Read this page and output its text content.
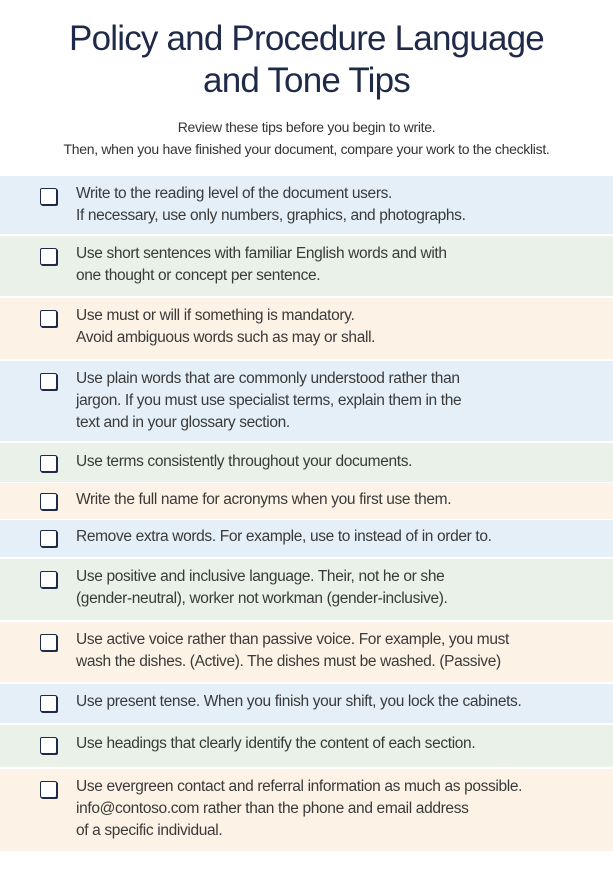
Policy and Procedure Language
and Tone Tips
Review these tips before you begin to write.
Then, when you have finished your document, compare your work to the checklist.
Write to the reading level of the document users.
If necessary, use only numbers, graphics, and photographs.
Use short sentences with familiar English words and with
one thought or concept per sentence.
Use must or will if something is mandatory.
Avoid ambiguous words such as may or shall.
Use plain words that are commonly understood rather than
jargon. If you must use specialist terms, explain them in the
text and in your glossary section.
Use terms consistently throughout your documents.
Write the full name for acronyms when you first use them.
Remove extra words. For example, use to instead of in order to.
Use positive and inclusive language. Their, not he or she
(gender-neutral), worker not workman (gender-inclusive).
Use active voice rather than passive voice. For example, you must
wash the dishes. (Active). The dishes must be washed. (Passive)
Use present tense. When you finish your shift, you lock the cabinets.
Use headings that clearly identify the content of each section.
Use evergreen contact and referral information as much as possible.
info@contoso.com rather than the phone and email address
of a specific individual.
